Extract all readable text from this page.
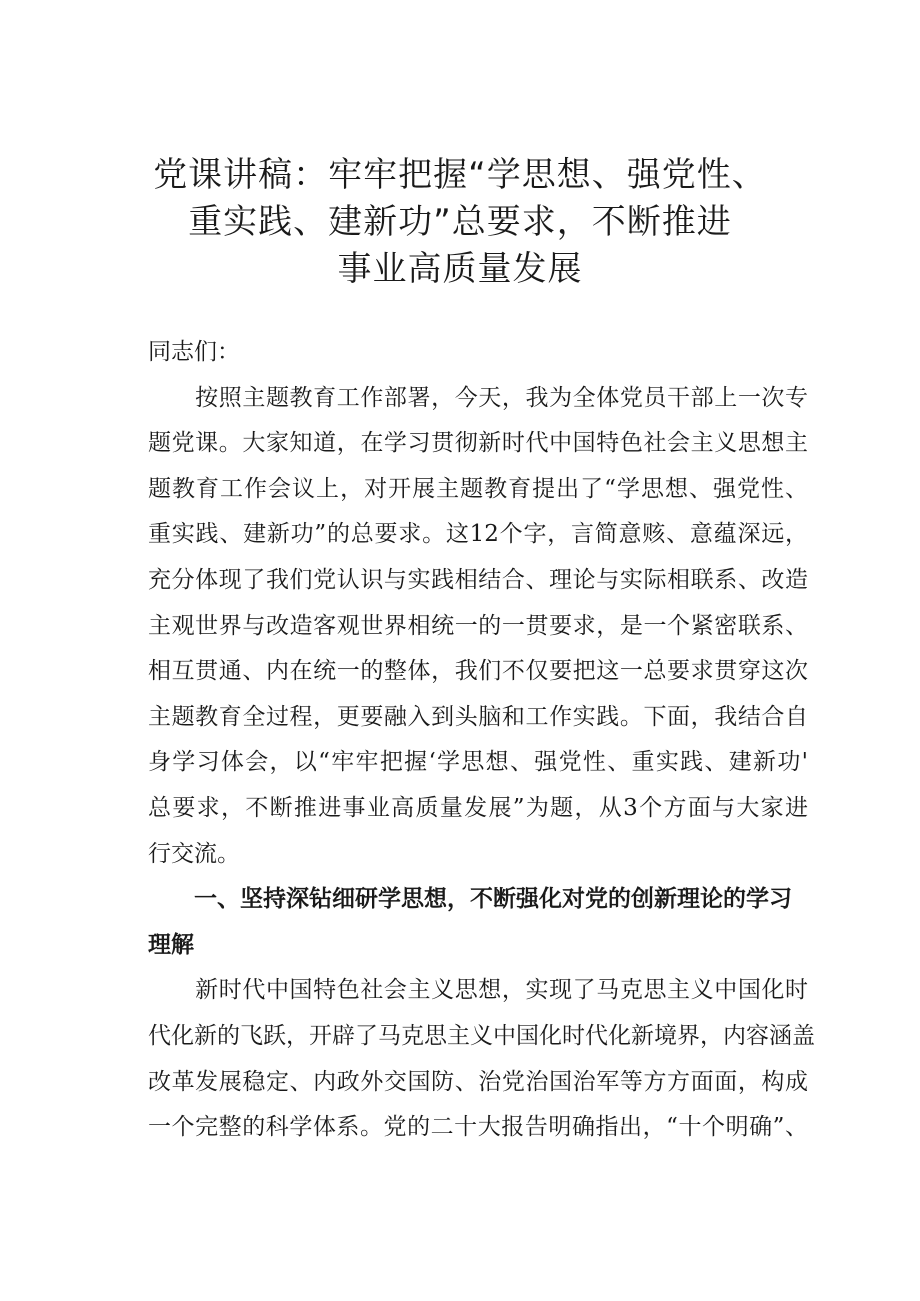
党课讲稿：牢牢把握“学思想、强党性、
重实践、建新功”总要求，不断推进
事业高质量发展

同志们：

　　按照主题教育工作部署，今天，我为全体党员干部上一次专
题党课。大家知道，在学习贯彻新时代中国特色社会主义思想主
题教育工作会议上，对开展主题教育提出了“学思想、强党性、
重实践、建新功”的总要求。这12个字，言简意赅、意蕴深远，
充分体现了我们党认识与实践相结合、理论与实际相联系、改造
主观世界与改造客观世界相统一的一贯要求，是一个紧密联系、
相互贯通、内在统一的整体，我们不仅要把这一总要求贯穿这次
主题教育全过程，更要融入到头脑和工作实践。下面，我结合自
身学习体会，以“牢牢把握‘学思想、强党性、重实践、建新功'
总要求，不断推进事业高质量发展”为题，从3个方面与大家进
行交流。

　　一、坚持深钻细研学思想，不断强化对党的创新理论的学习
理解

　　新时代中国特色社会主义思想，实现了马克思主义中国化时
代化新的飞跃，开辟了马克思主义中国化时代化新境界，内容涵盖
改革发展稳定、内政外交国防、治党治国治军等方方面面，构成
一个完整的科学体系。党的二十大报告明确指出，“十个明确”、
